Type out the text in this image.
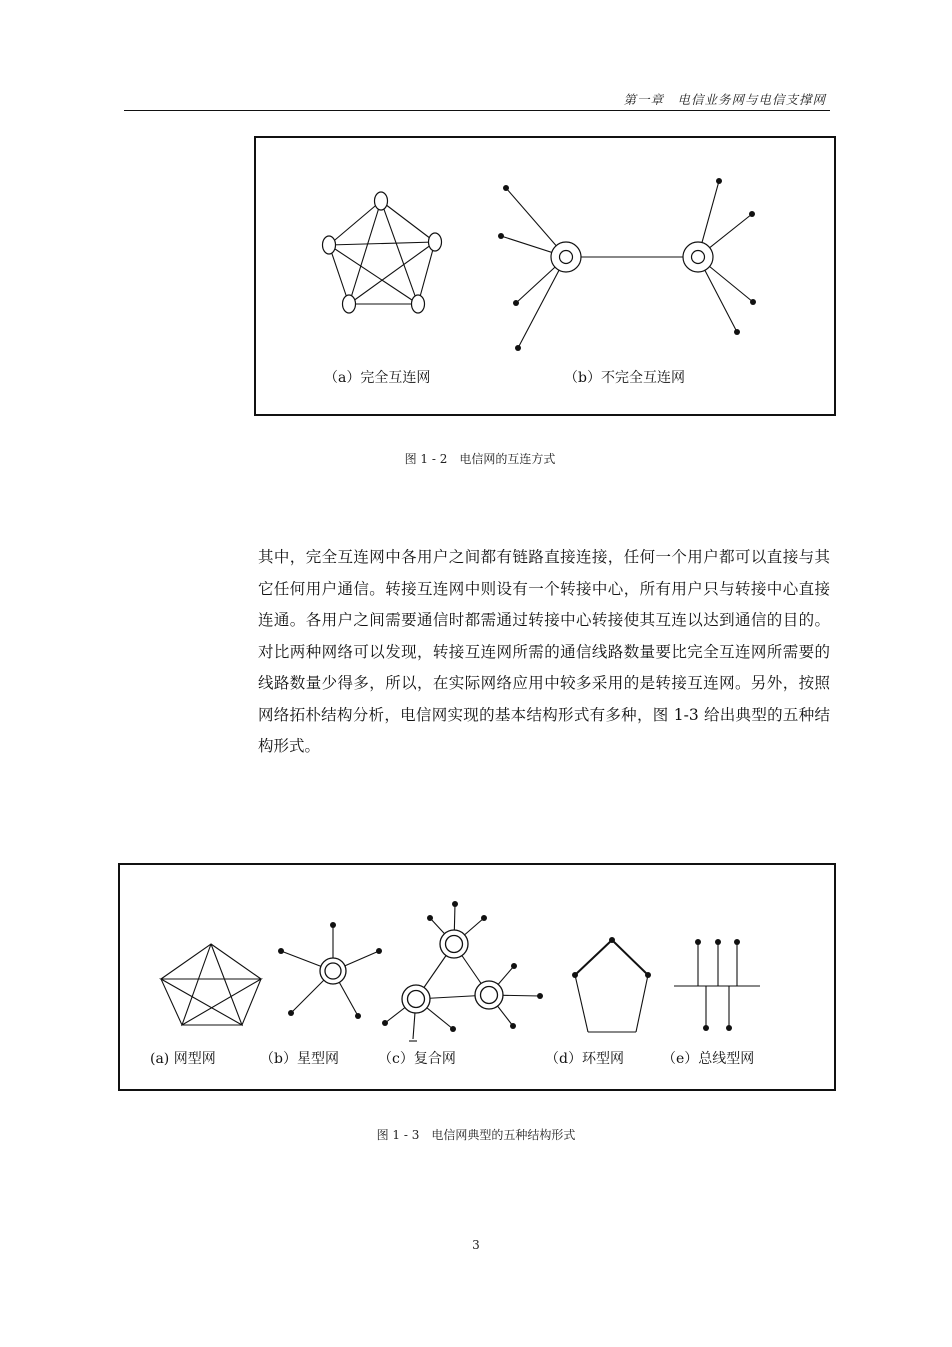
第一章　电信业务网与电信支撑网
（a）完全互连网	（b）不完全互连网
图 1 - 2　电信网的互连方式
其中，完全互连网中各用户之间都有链路直接连接，任何一个用户都可以直接与其它任何用户通信。转接互连网中则设有一个转接中心，所有用户只与转接中心直接连通。各用户之间需要通信时都需通过转接中心转接使其互连以达到通信的目的。对比两种网络可以发现，转接互连网所需的通信线路数量要比完全互连网所需要的线路数量少得多，所以，在实际网络应用中较多采用的是转接互连网。另外，按照网络拓朴结构分析，电信网实现的基本结构形式有多种，图 1-3 给出典型的五种结构形式。
(a) 网型网	（b）星型网	（c）复合网	（d）环型网	（e）总线型网
图 1 - 3　电信网典型的五种结构形式
3
